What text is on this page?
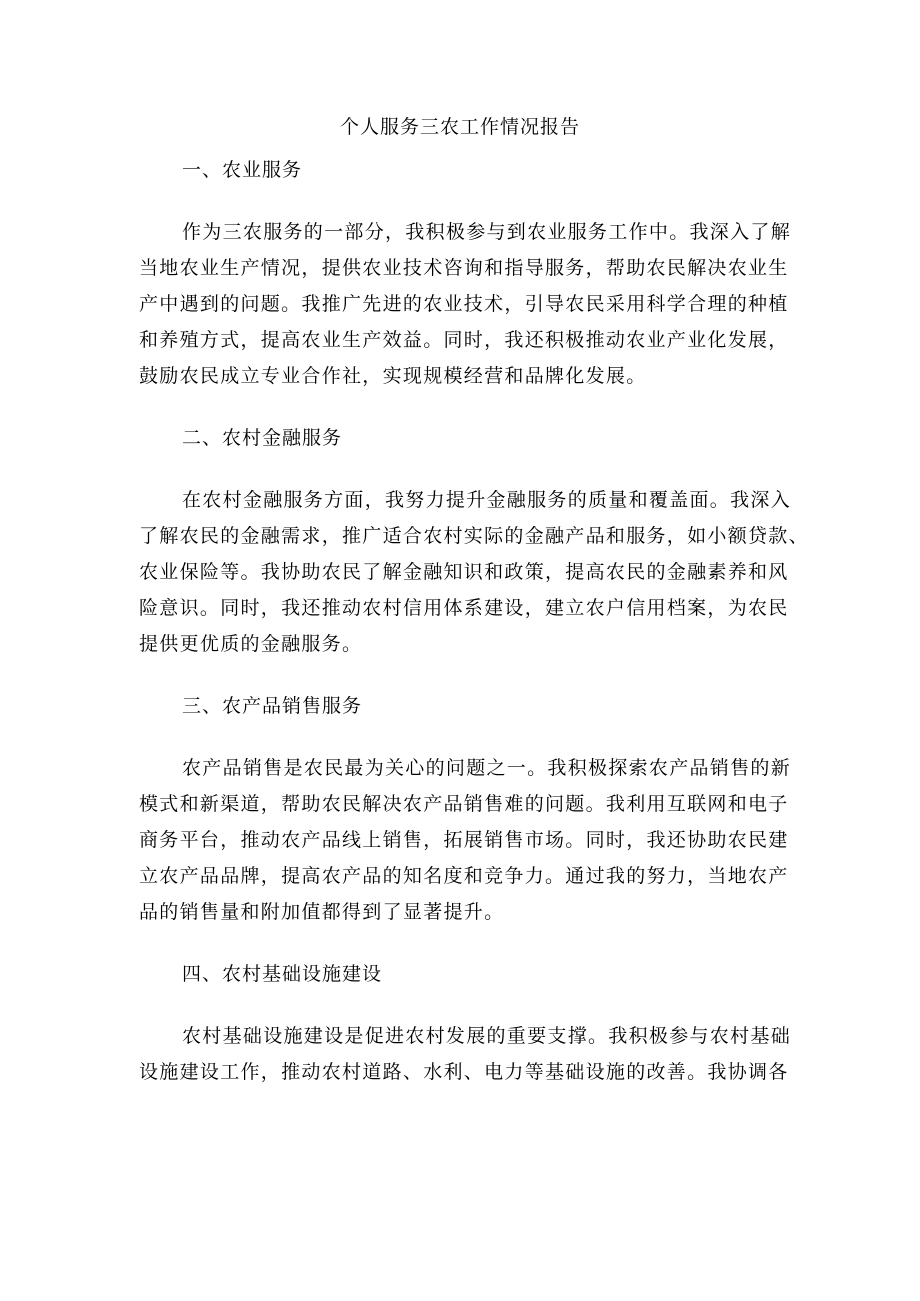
个人服务三农工作情况报告
一、农业服务

作为三农服务的一部分，我积极参与到农业服务工作中。我深入了解
当地农业生产情况，提供农业技术咨询和指导服务，帮助农民解决农业生
产中遇到的问题。我推广先进的农业技术，引导农民采用科学合理的种植
和养殖方式，提高农业生产效益。同时，我还积极推动农业产业化发展，
鼓励农民成立专业合作社，实现规模经营和品牌化发展。

二、农村金融服务

在农村金融服务方面，我努力提升金融服务的质量和覆盖面。我深入
了解农民的金融需求，推广适合农村实际的金融产品和服务，如小额贷款、
农业保险等。我协助农民了解金融知识和政策，提高农民的金融素养和风
险意识。同时，我还推动农村信用体系建设，建立农户信用档案，为农民
提供更优质的金融服务。

三、农产品销售服务

农产品销售是农民最为关心的问题之一。我积极探索农产品销售的新
模式和新渠道，帮助农民解决农产品销售难的问题。我利用互联网和电子
商务平台，推动农产品线上销售，拓展销售市场。同时，我还协助农民建
立农产品品牌，提高农产品的知名度和竞争力。通过我的努力，当地农产
品的销售量和附加值都得到了显著提升。

四、农村基础设施建设

农村基础设施建设是促进农村发展的重要支撑。我积极参与农村基础
设施建设工作，推动农村道路、水利、电力等基础设施的改善。我协调各
